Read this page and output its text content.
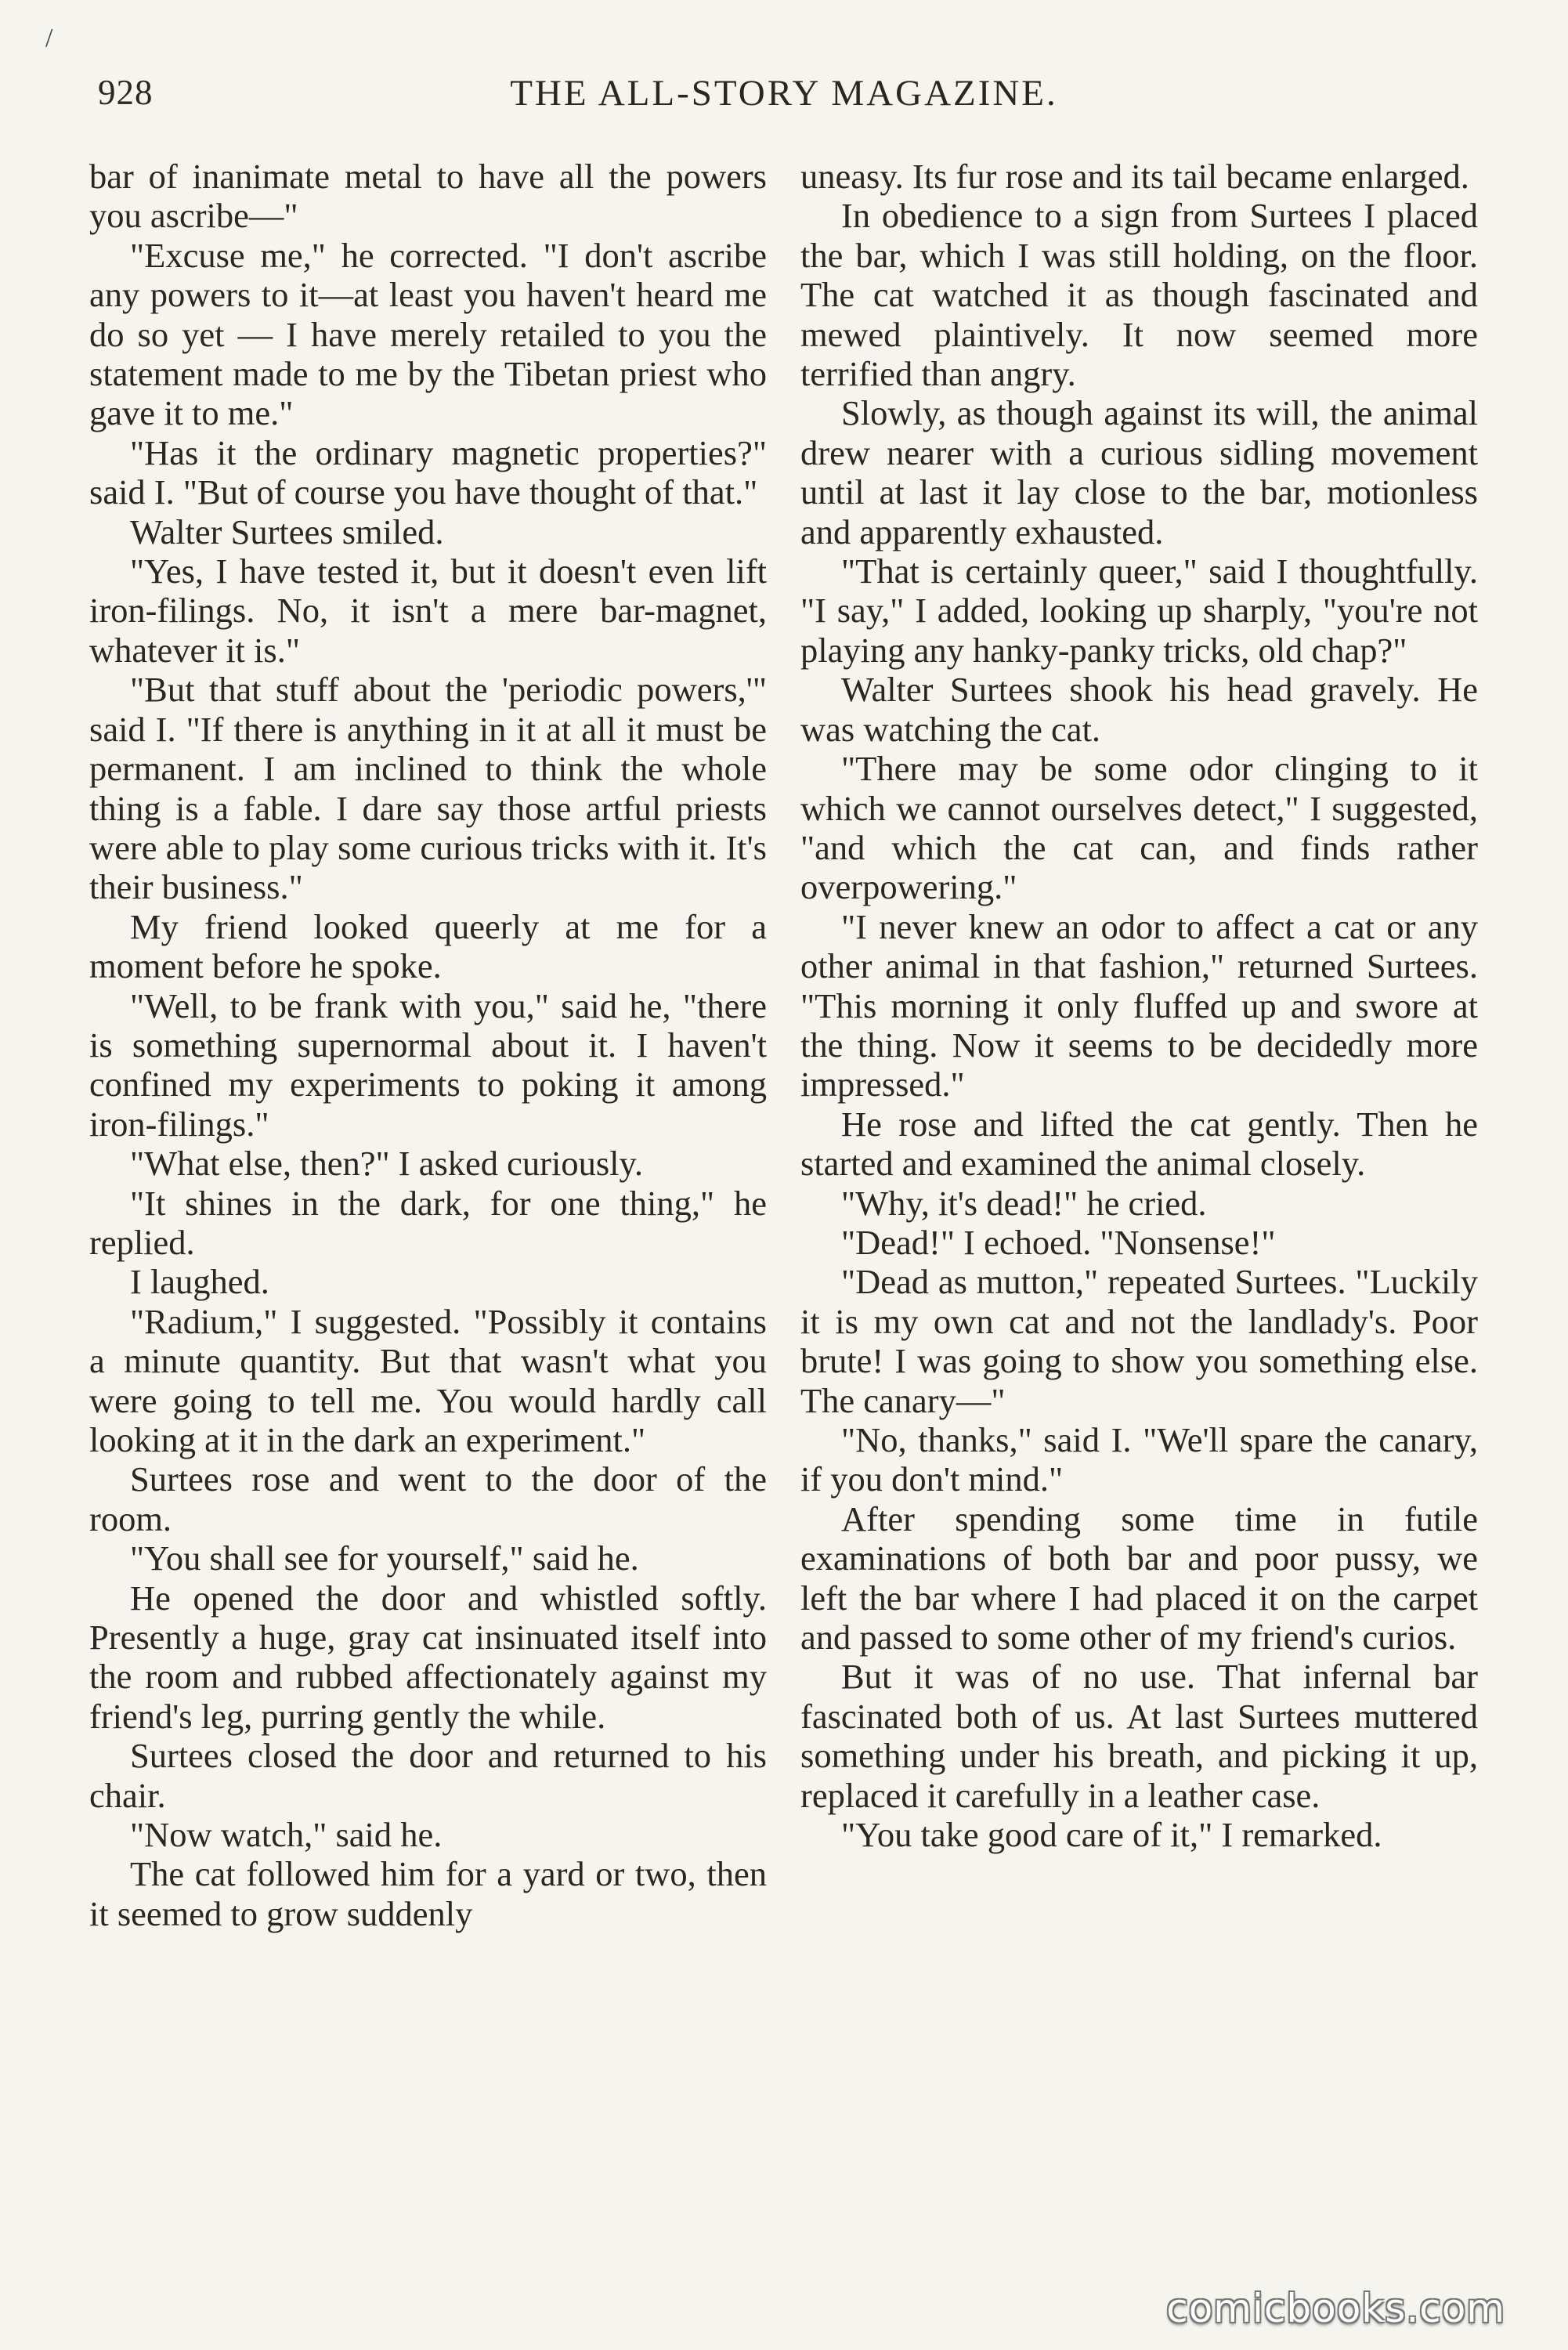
/
928	THE ALL-STORY MAGAZINE.

bar of inanimate metal to have all the powers you ascribe—"

"Excuse me," he corrected. "I don't ascribe any powers to it—at least you haven't heard me do so yet — I have merely retailed to you the statement made to me by the Tibetan priest who gave it to me."

"Has it the ordinary magnetic properties?" said I. "But of course you have thought of that."

Walter Surtees smiled.

"Yes, I have tested it, but it doesn't even lift iron-filings. No, it isn't a mere bar-magnet, whatever it is."

"But that stuff about the 'periodic powers,'" said I. "If there is anything in it at all it must be permanent. I am inclined to think the whole thing is a fable. I dare say those artful priests were able to play some curious tricks with it. It's their business."

My friend looked queerly at me for a moment before he spoke.

"Well, to be frank with you," said he, "there is something supernormal about it. I haven't confined my experiments to poking it among iron-filings."

"What else, then?" I asked curiously.

"It shines in the dark, for one thing," he replied.

I laughed.

"Radium," I suggested. "Possibly it contains a minute quantity. But that wasn't what you were going to tell me. You would hardly call looking at it in the dark an experiment."

Surtees rose and went to the door of the room.

"You shall see for yourself," said he.

He opened the door and whistled softly. Presently a huge, gray cat insinuated itself into the room and rubbed affectionately against my friend's leg, purring gently the while.

Surtees closed the door and returned to his chair.

"Now watch," said he.

The cat followed him for a yard or two, then it seemed to grow suddenly

uneasy. Its fur rose and its tail became enlarged.

In obedience to a sign from Surtees I placed the bar, which I was still holding, on the floor. The cat watched it as though fascinated and mewed plaintively. It now seemed more terrified than angry.

Slowly, as though against its will, the animal drew nearer with a curious sidling movement until at last it lay close to the bar, motionless and apparently exhausted.

"That is certainly queer," said I thoughtfully. "I say," I added, looking up sharply, "you're not playing any hanky-panky tricks, old chap?"

Walter Surtees shook his head gravely. He was watching the cat.

"There may be some odor clinging to it which we cannot ourselves detect," I suggested, "and which the cat can, and finds rather overpowering."

"I never knew an odor to affect a cat or any other animal in that fashion," returned Surtees. "This morning it only fluffed up and swore at the thing. Now it seems to be decidedly more impressed."

He rose and lifted the cat gently. Then he started and examined the animal closely.

"Why, it's dead!" he cried.

"Dead!" I echoed. "Nonsense!"

"Dead as mutton," repeated Surtees. "Luckily it is my own cat and not the landlady's. Poor brute! I was going to show you something else. The canary—"

"No, thanks," said I. "We'll spare the canary, if you don't mind."

After spending some time in futile examinations of both bar and poor pussy, we left the bar where I had placed it on the carpet and passed to some other of my friend's curios.

But it was of no use. That infernal bar fascinated both of us. At last Surtees muttered something under his breath, and picking it up, replaced it carefully in a leather case.

"You take good care of it," I remarked.

comicbooks.com
